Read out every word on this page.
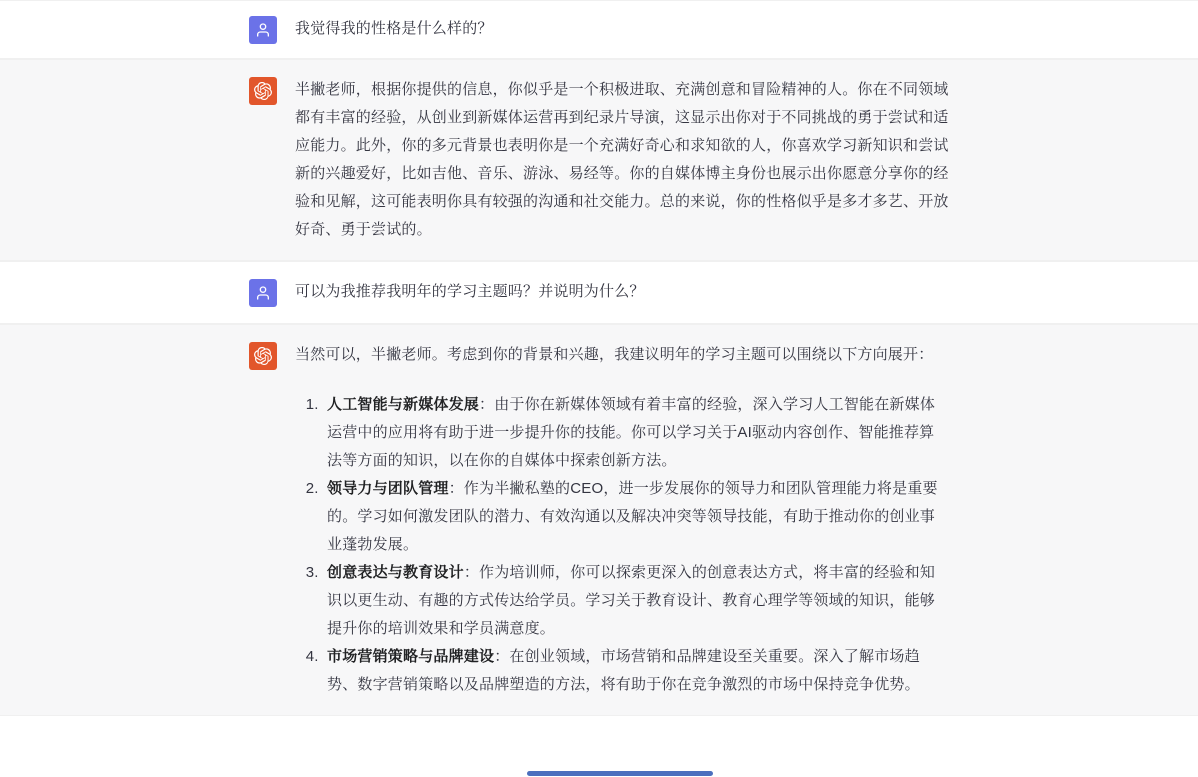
我觉得我的性格是什么样的？

半撇老师，根据你提供的信息，你似乎是一个积极进取、充满创意和冒险精神的人。你在不同领域都有丰富的经验，从创业到新媒体运营再到纪录片导演，这显示出你对于不同挑战的勇于尝试和适应能力。此外，你的多元背景也表明你是一个充满好奇心和求知欲的人，你喜欢学习新知识和尝试新的兴趣爱好，比如吉他、音乐、游泳、易经等。你的自媒体博主身份也展示出你愿意分享你的经验和见解，这可能表明你具有较强的沟通和社交能力。总的来说，你的性格似乎是多才多艺、开放好奇、勇于尝试的。

可以为我推荐我明年的学习主题吗？并说明为什么？

当然可以，半撇老师。考虑到你的背景和兴趣，我建议明年的学习主题可以围绕以下方向展开：

1. 人工智能与新媒体发展：由于你在新媒体领域有着丰富的经验，深入学习人工智能在新媒体运营中的应用将有助于进一步提升你的技能。你可以学习关于AI驱动内容创作、智能推荐算法等方面的知识，以在你的自媒体中探索创新方法。
2. 领导力与团队管理：作为半撇私塾的CEO，进一步发展你的领导力和团队管理能力将是重要的。学习如何激发团队的潜力、有效沟通以及解决冲突等领导技能，有助于推动你的创业事业蓬勃发展。
3. 创意表达与教育设计：作为培训师，你可以探索更深入的创意表达方式，将丰富的经验和知识以更生动、有趣的方式传达给学员。学习关于教育设计、教育心理学等领域的知识，能够提升你的培训效果和学员满意度。
4. 市场营销策略与品牌建设：在创业领域，市场营销和品牌建设至关重要。深入了解市场趋势、数字营销策略以及品牌塑造的方法，将有助于你在竞争激烈的市场中保持竞争优势。
